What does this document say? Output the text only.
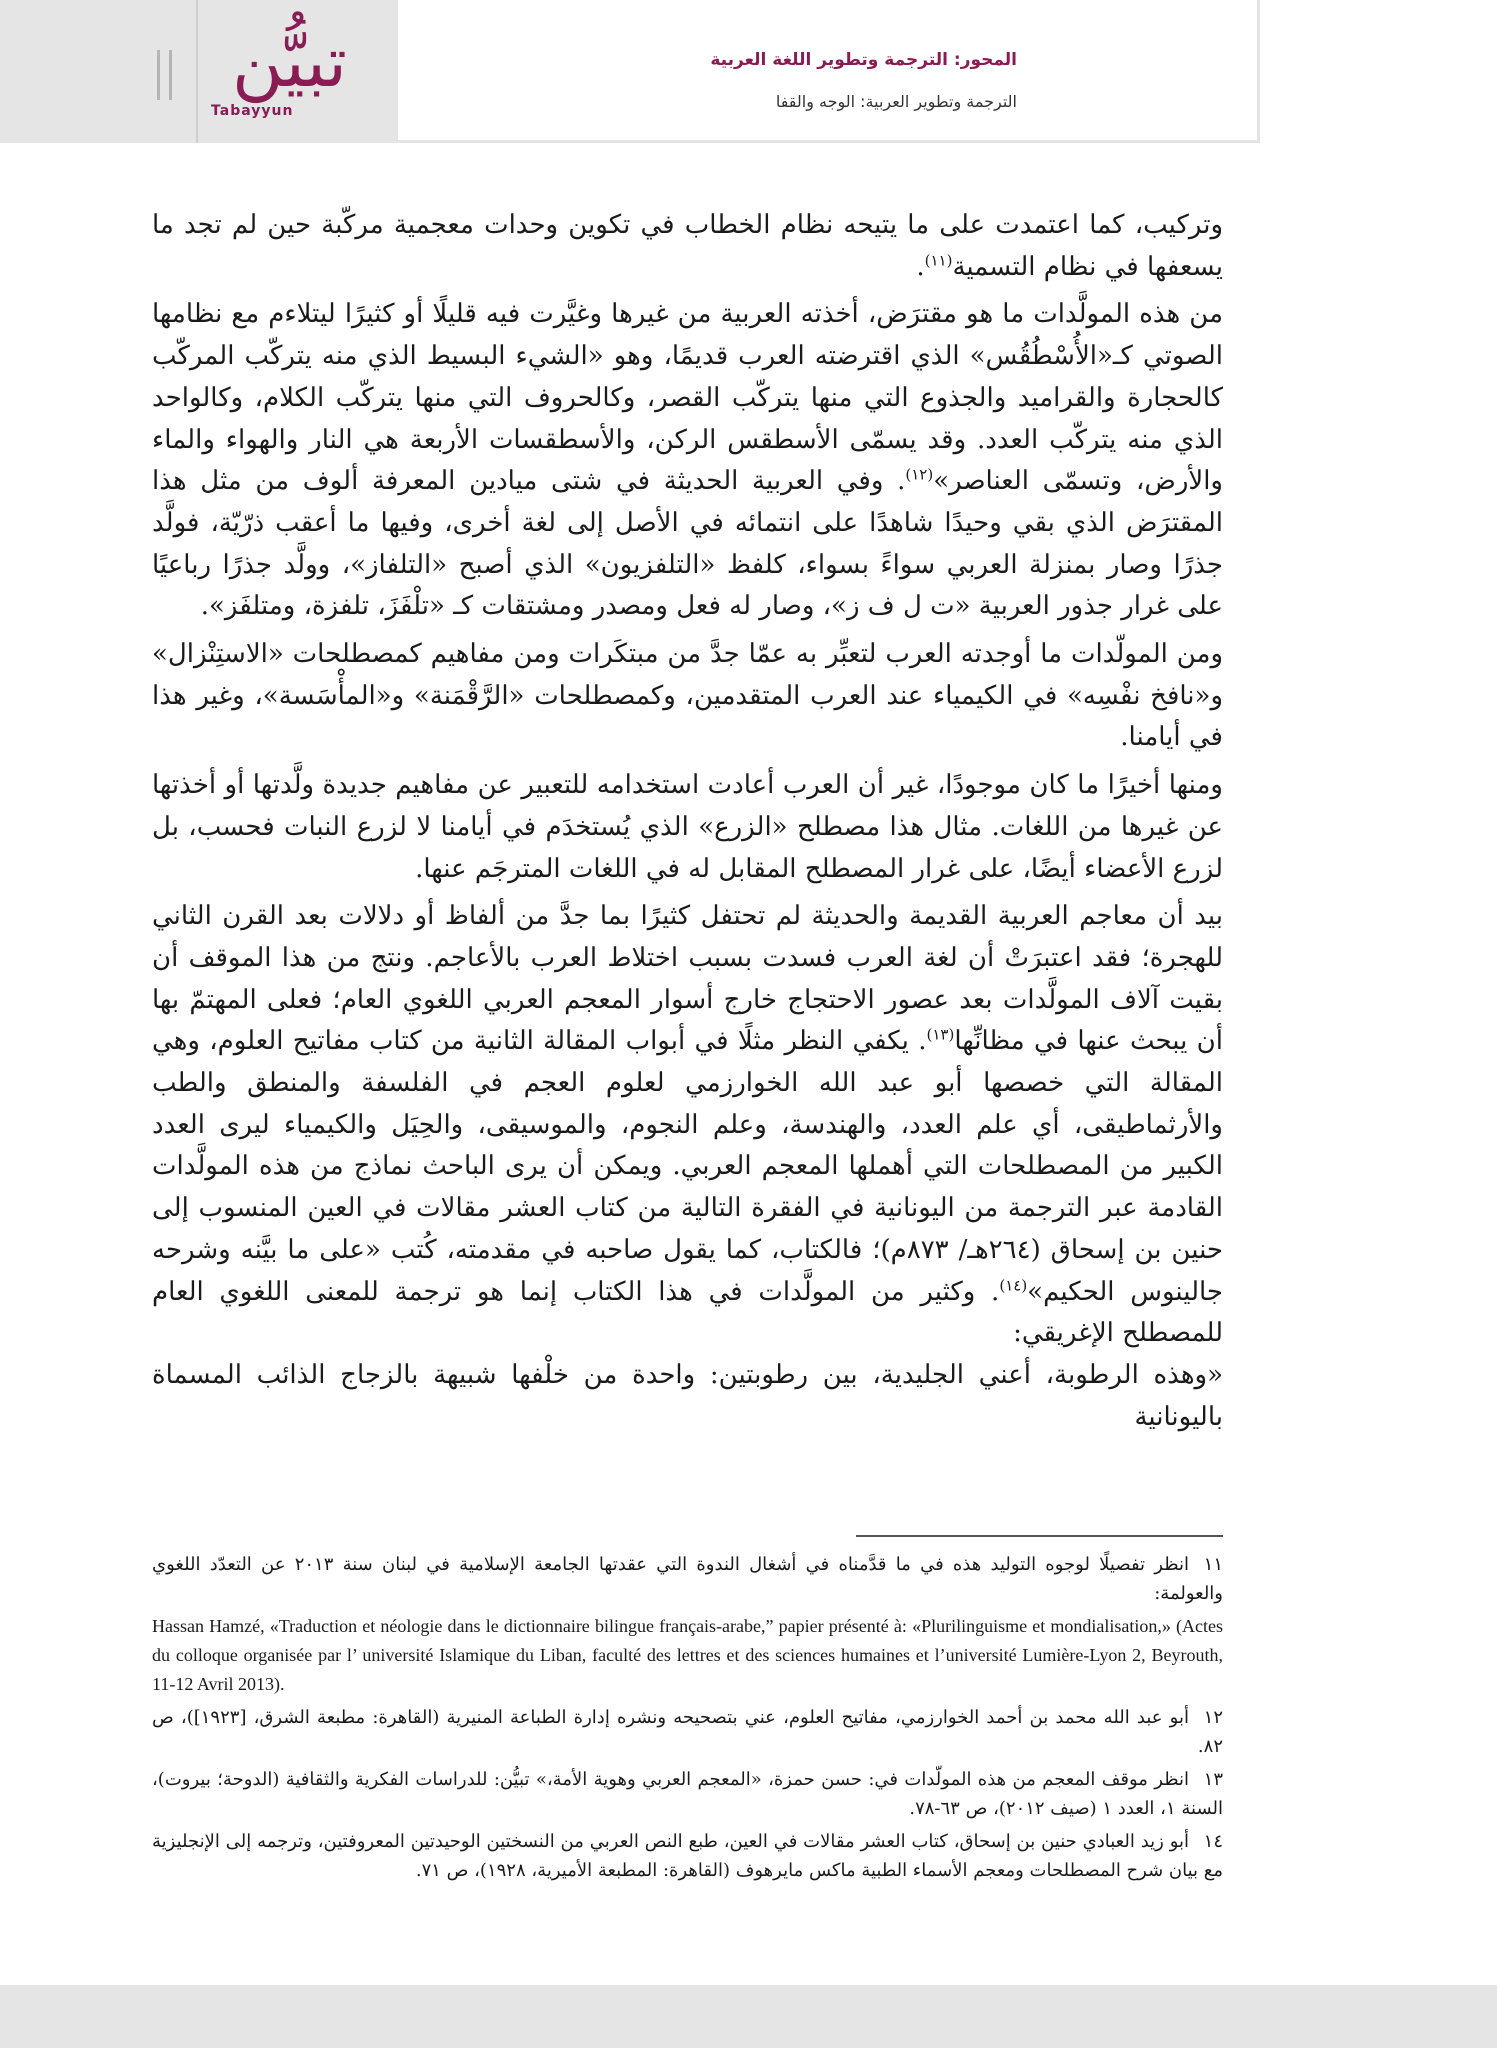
تبيُّن
Tabayyun
المحور: الترجمة وتطوير اللغة العربية
الترجمة وتطوير العربية: الوجه والقفا

وتركيب، كما اعتمدت على ما يتيحه نظام الخطاب في تكوين وحدات معجمية مركّبة حين لم تجد ما يسعفها في نظام التسمية$^{(١١)}$.

من هذه المولَّدات ما هو مقترَض، أخذته العربية من غيرها وغيَّرت فيه قليلًا أو كثيرًا ليتلاءم مع نظامها الصوتي كـ«الأُسْطُقُس» الذي اقترضته العرب قديمًا، وهو «الشيء البسيط الذي منه يتركّب المركّب كالحجارة والقراميد والجذوع التي منها يتركّب القصر، وكالحروف التي منها يتركّب الكلام، وكالواحد الذي منه يتركّب العدد. وقد يسمّى الأسطقس الركن، والأسطقسات الأربعة هي النار والهواء والماء والأرض، وتسمّى العناصر»$^{(١٢)}$. وفي العربية الحديثة في شتى ميادين المعرفة ألوف من مثل هذا المقترَض الذي بقي وحيدًا شاهدًا على انتمائه في الأصل إلى لغة أخرى، وفيها ما أعقب ذرّيّة، فولَّد جذرًا وصار بمنزلة العربي سواءً بسواء، كلفظ «التلفزيون» الذي أصبح «التلفاز»، وولَّد جذرًا رباعيًا على غرار جذور العربية «ت ل ف ز»، وصار له فعل ومصدر ومشتقات كـ «تلْفَزَ، تلفزة، ومتلفَز».

ومن المولّدات ما أوجدته العرب لتعبِّر به عمّا جدَّ من مبتكَرات ومن مفاهيم كمصطلحات «الاستِنْزال» و«نافخ نفْسِه» في الكيمياء عند العرب المتقدمين، وكمصطلحات «الرَّقْمَنة» و«المأْسَسة»، وغير هذا في أيامنا.

ومنها أخيرًا ما كان موجودًا، غير أن العرب أعادت استخدامه للتعبير عن مفاهيم جديدة ولَّدتها أو أخذتها عن غيرها من اللغات. مثال هذا مصطلح «الزرع» الذي يُستخدَم في أيامنا لا لزرع النبات فحسب، بل لزرع الأعضاء أيضًا، على غرار المصطلح المقابل له في اللغات المترجَم عنها.

بيد أن معاجم العربية القديمة والحديثة لم تحتفل كثيرًا بما جدَّ من ألفاظ أو دلالات بعد القرن الثاني للهجرة؛ فقد اعتبرَتْ أن لغة العرب فسدت بسبب اختلاط العرب بالأعاجم. ونتج من هذا الموقف أن بقيت آلاف المولَّدات بعد عصور الاحتجاج خارج أسوار المعجم العربي اللغوي العام؛ فعلى المهتمّ بها أن يبحث عنها في مظانِّها$^{(١٣)}$. يكفي النظر مثلًا في أبواب المقالة الثانية من كتاب مفاتيح العلوم، وهي المقالة التي خصصها أبو عبد الله الخوارزمي لعلوم العجم في الفلسفة والمنطق والطب والأرثماطيقى، أي علم العدد، والهندسة، وعلم النجوم، والموسيقى، والحِيَل والكيمياء ليرى العدد الكبير من المصطلحات التي أهملها المعجم العربي. ويمكن أن يرى الباحث نماذج من هذه المولَّدات القادمة عبر الترجمة من اليونانية في الفقرة التالية من كتاب العشر مقالات في العين المنسوب إلى حنين بن إسحاق (٢٦٤هـ/ ٨٧٣م)؛ فالكتاب، كما يقول صاحبه في مقدمته، كُتب «على ما بيَّنه وشرحه جالينوس الحكيم»$^{(١٤)}$. وكثير من المولَّدات في هذا الكتاب إنما هو ترجمة للمعنى اللغوي العام للمصطلح الإغريقي:

«وهذه الرطوبة، أعني الجليدية، بين رطوبتين: واحدة من خلْفها شبيهة بالزجاج الذائب المسماة باليونانية

١١انظر تفصيلًا لوجوه التوليد هذه في ما قدَّمناه في أشغال الندوة التي عقدتها الجامعة الإسلامية في لبنان سنة ٢٠١٣ عن التعدّد اللغوي والعولمة:

Hassan Hamzé, «Traduction et néologie dans le dictionnaire bilingue français-arabe,” papier présenté à: «Plurilinguisme et mondialisation,» (Actes du colloque organisée par l’ université Islamique du Liban, faculté des lettres et des sciences humaines et l’université Lumière-Lyon 2, Beyrouth, 11-12 Avril 2013).

١٢أبو عبد الله محمد بن أحمد الخوارزمي، مفاتيح العلوم، عني بتصحيحه ونشره إدارة الطباعة المنيرية (القاهرة: مطبعة الشرق، [١٩٢٣])، ص ٨٢.

١٣انظر موقف المعجم من هذه المولّدات في: حسن حمزة، «المعجم العربي وهوية الأمة،» تبيُّن: للدراسات الفكرية والثقافية (الدوحة؛ بيروت)، السنة ١، العدد ١ (صيف ٢٠١٢)، ص ٦٣-٧٨.

١٤أبو زيد العبادي حنين بن إسحاق، كتاب العشر مقالات في العين، طبع النص العربي من النسختين الوحيدتين المعروفتين، وترجمه إلى الإنجليزية مع بيان شرح المصطلحات ومعجم الأسماء الطبية ماكس مايرهوف (القاهرة: المطبعة الأميرية، ١٩٢٨)، ص ٧١.
